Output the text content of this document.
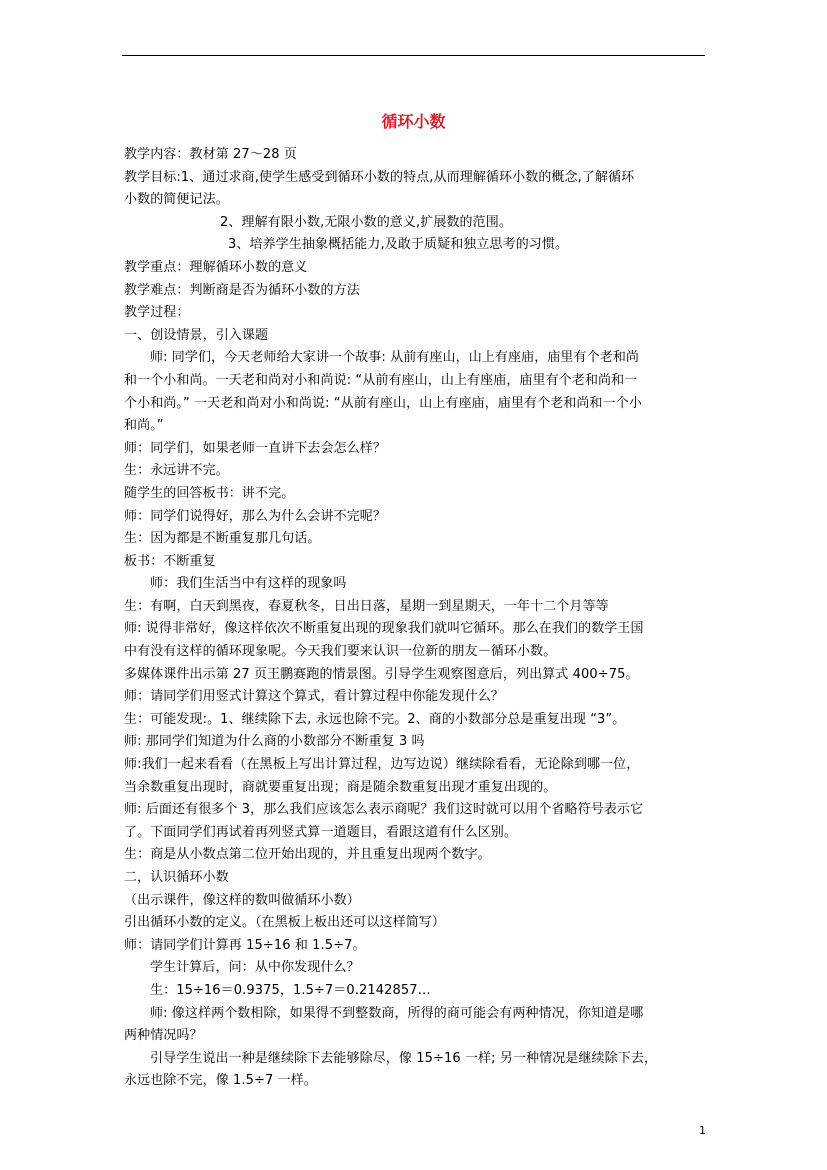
循环小数
教学内容：教材第 27～28 页
教学目标:1、通过求商,使学生感受到循环小数的特点,从而理解循环小数的概念,了解循环
小数的简便记法。
2、理解有限小数,无限小数的意义,扩展数的范围。
3、培养学生抽象概括能力,及敢于质疑和独立思考的习惯。
教学重点：理解循环小数的意义
教学难点：判断商是否为循环小数的方法
教学过程：
一、创设情景，引入课题
师: 同学们，今天老师给大家讲一个故事: 从前有座山，山上有座庙，庙里有个老和尚
和一个小和尚。一天老和尚对小和尚说: “从前有座山，山上有座庙，庙里有个老和尚和一
个小和尚。” 一天老和尚对小和尚说: “从前有座山，山上有座庙，庙里有个老和尚和一个小
和尚。”
师：同学们，如果老师一直讲下去会怎么样？
生：永远讲不完。
随学生的回答板书：讲不完。
师：同学们说得好，那么为什么会讲不完呢？
生：因为都是不断重复那几句话。
板书：不断重复
师：我们生活当中有这样的现象吗
生：有啊，白天到黑夜，春夏秋冬，日出日落，星期一到星期天，一年十二个月等等
师: 说得非常好，像这样依次不断重复出现的现象我们就叫它循环。那么在我们的数学王国
中有没有这样的循环现象呢。今天我们要来认识一位新的朋友－循环小数。
多媒体课件出示第 27 页王鹏赛跑的情景图。引导学生观察图意后，列出算式 400÷75。
师：请同学们用竖式计算这个算式，看计算过程中你能发现什么？
生：可能发现:。1、继续除下去, 永远也除不完。2、商的小数部分总是重复出现 “3”。
师: 那同学们知道为什么商的小数部分不断重复 3 吗
师:我们一起来看看（在黑板上写出计算过程，边写边说）继续除看看，无论除到哪一位，
当余数重复出现时，商就要重复出现；商是随余数重复出现才重复出现的。
师: 后面还有很多个 3，那么我们应该怎么表示商呢？我们这时就可以用个省略符号表示它
了。下面同学们再试着再列竖式算一道题目，看跟这道有什么区别。
生：商是从小数点第二位开始出现的，并且重复出现两个数字。
二，认识循环小数
（出示课件，像这样的数叫做循环小数）
引出循环小数的定义。（在黑板上板出还可以这样简写）
师：请同学们计算再 15÷16 和 1.5÷7。
学生计算后，问：从中你发现什么？
生：15÷16＝0.9375，1.5÷7＝0.2142857…
师: 像这样两个数相除，如果得不到整数商，所得的商可能会有两种情况，你知道是哪
两种情况吗？
引导学生说出一种是继续除下去能够除尽，像 15÷16 一样; 另一种情况是继续除下去，
永远也除不完，像 1.5÷7 一样。
1
